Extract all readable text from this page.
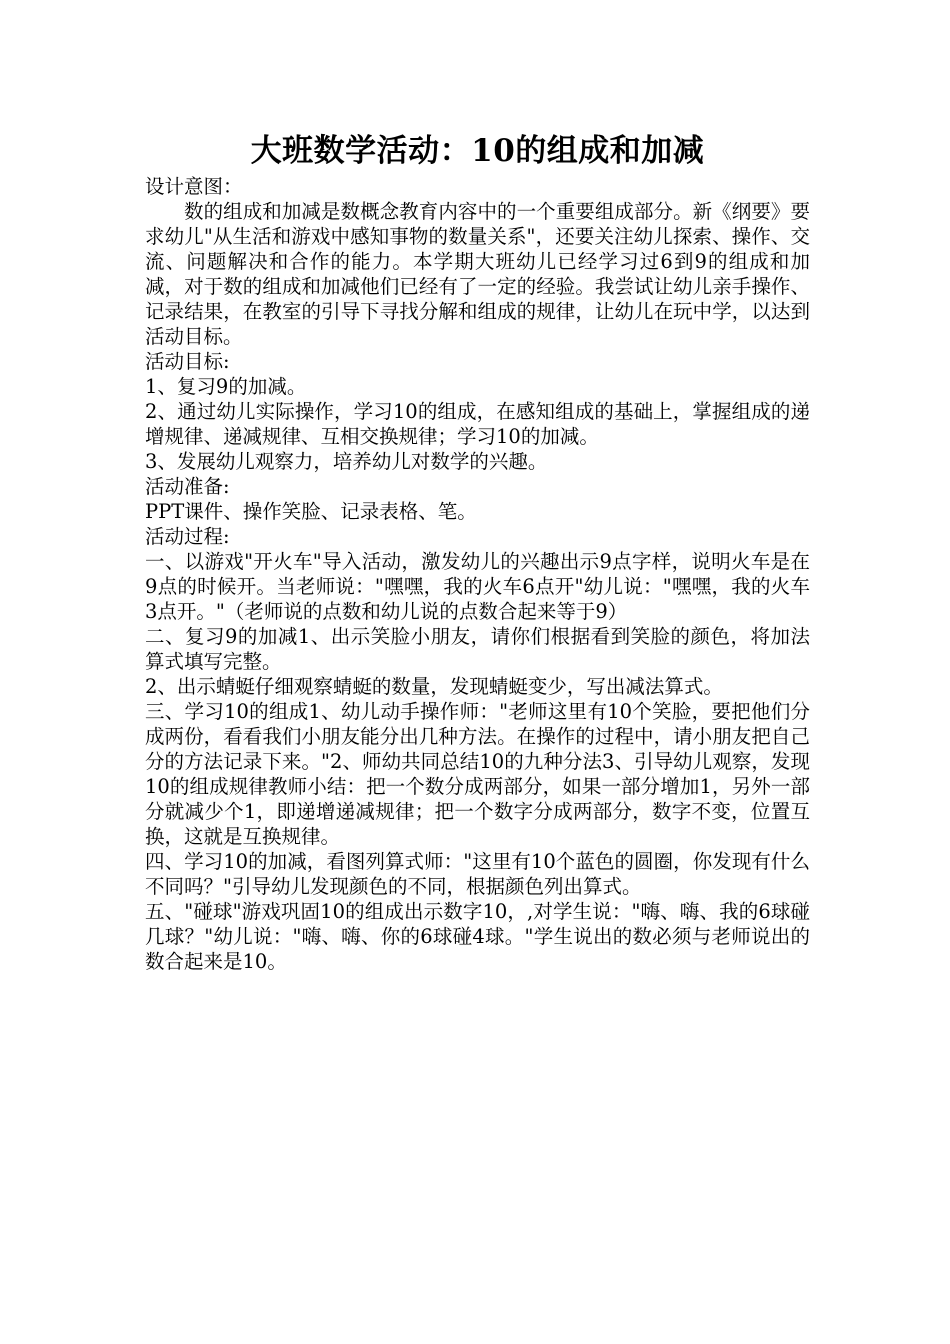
大班数学活动：10的组成和加减

设计意图：

数的组成和加减是数概念教育内容中的一个重要组成部分。新《纲要》要求幼儿"从生活和游戏中感知事物的数量关系"，还要关注幼儿探索、操作、交流、问题解决和合作的能力。本学期大班幼儿已经学习过6到9的组成和加减，对于数的组成和加减他们已经有了一定的经验。我尝试让幼儿亲手操作、记录结果，在教室的引导下寻找分解和组成的规律，让幼儿在玩中学，以达到活动目标。

活动目标:

1、复习9的加减。

2、通过幼儿实际操作，学习10的组成，在感知组成的基础上，掌握组成的递增规律、递减规律、互相交换规律；学习10的加减。

3、发展幼儿观察力，培养幼儿对数学的兴趣。

活动准备:

PPT课件、操作笑脸、记录表格、笔。

活动过程:

一、以游戏"开火车"导入活动，激发幼儿的兴趣出示9点字样，说明火车是在9点的时候开。当老师说："嘿嘿，我的火车6点开"幼儿说："嘿嘿，我的火车3点开。"（老师说的点数和幼儿说的点数合起来等于9）

二、复习9的加减1、出示笑脸小朋友，请你们根据看到笑脸的颜色，将加法算式填写完整。

2、出示蜻蜓仔细观察蜻蜓的数量，发现蜻蜓变少，写出减法算式。

三、学习10的组成1、幼儿动手操作师："老师这里有10个笑脸，要把他们分成两份，看看我们小朋友能分出几种方法。在操作的过程中，请小朋友把自己分的方法记录下来。"2、师幼共同总结10的九种分法3、引导幼儿观察，发现10的组成规律教师小结：把一个数分成两部分，如果一部分增加1，另外一部分就减少个1，即递增递减规律；把一个数字分成两部分，数字不变，位置互换，这就是互换规律。

四、学习10的加减，看图列算式师："这里有10个蓝色的圆圈，你发现有什么不同吗？"引导幼儿发现颜色的不同，根据颜色列出算式。

五、"碰球"游戏巩固10的组成出示数字10，,对学生说："嗨、嗨、我的6球碰几球？"幼儿说："嗨、嗨、你的6球碰4球。"学生说出的数必须与老师说出的数合起来是10。
